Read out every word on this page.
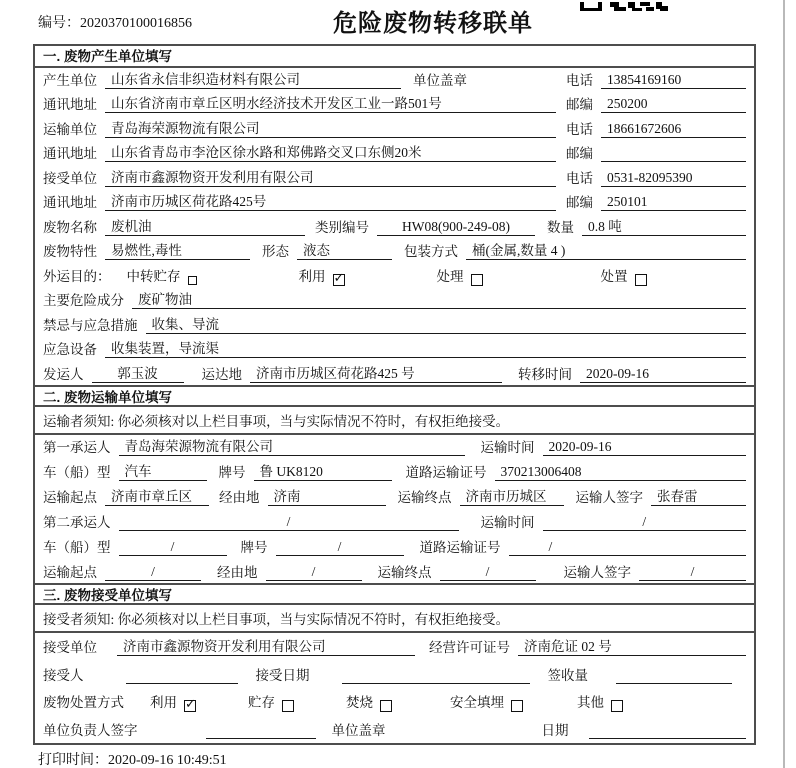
编号：2020370100016856	危险废物转移联单
一. 废物产生单位填写
产生单位	山东省永信非织造材料有限公司	单位盖章	电话	13854169160
通讯地址	山东省济南市章丘区明水经济技术开发区工业一路501号	邮编	250200
运输单位	青岛海荣源物流有限公司	电话	18661672606
通讯地址	山东省青岛市李沧区徐水路和郑佛路交叉口东侧20米	邮编
接受单位	济南市鑫源物资开发利用有限公司	电话	0531-82095390
通讯地址	济南市历城区荷花路425号	邮编	250101
废物名称	废机油	类别编号	HW08(900-249-08)	数量	0.8 吨
废物特性	易燃性,毒性	形态	液态	包装方式	桶(金属,数量 4 )
外运目的： 中转贮存	利用 ✓	处理	处置
主要危险成分	废矿物油
禁忌与应急措施	收集、导流
应急设备	收集装置，导流渠
发运人	郭玉波	运达地	济南市历城区荷花路425 号	转移时间	2020-09-16
二. 废物运输单位填写
运输者须知: 你必须核对以上栏目事项，当与实际情况不符时，有权拒绝接受。
第一承运人	青岛海荣源物流有限公司	运输时间	2020-09-16
车（船）型	汽车	牌号	鲁 UK8120	道路运输证号	370213006408
运输起点	济南市章丘区	经由地	济南	运输终点	济南市历城区	运输人签字	张春雷
第二承运人	/	运输时间	/
车（船）型	/	牌号	/	道路运输证号	/
运输起点	/	经由地	/	运输终点	/	运输人签字	/
三. 废物接受单位填写
接受者须知: 你必须核对以上栏目事项，当与实际情况不符时，有权拒绝接受。
接受单位	济南市鑫源物资开发利用有限公司	经营许可证号	济南危证 02 号
接受人	接受日期	签收量
废物处置方式 利用 ✓	贮存	焚烧	安全填埋	其他
单位负责人签字	单位盖章	日期
打印时间：2020-09-16 10:49:51
